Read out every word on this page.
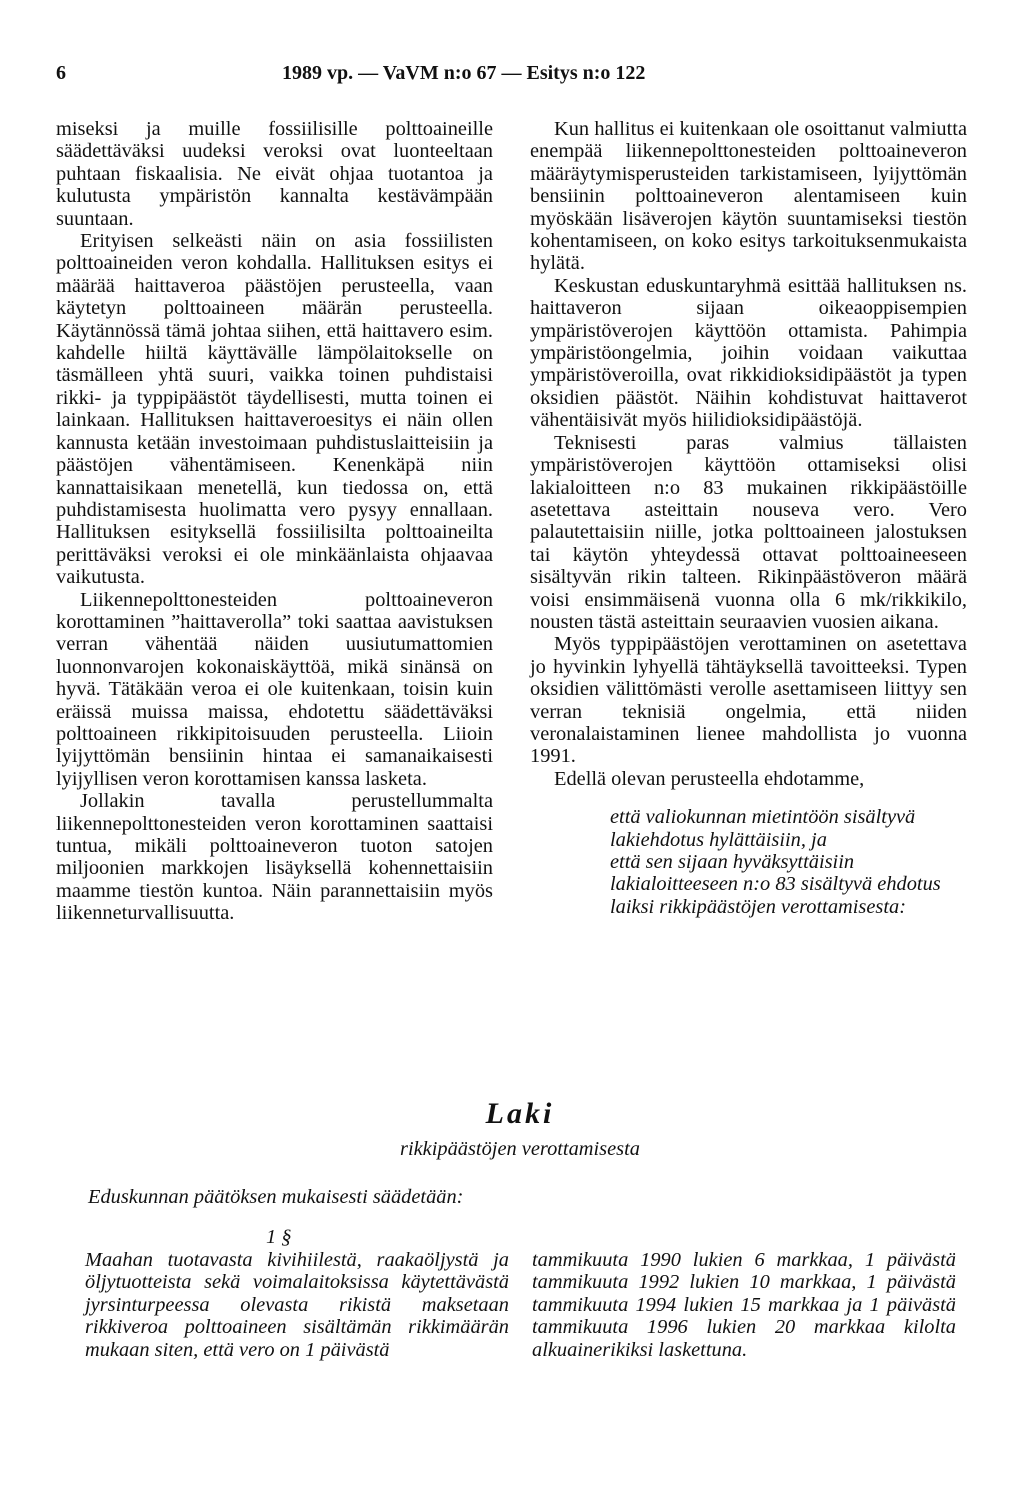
6	1989 vp. — VaVM n:o 67 — Esitys n:o 122

miseksi ja muille fossiilisille polttoaineille säädettäväksi uudeksi veroksi ovat luonteeltaan puhtaan fiskaalisia. Ne eivät ohjaa tuotantoa ja kulutusta ympäristön kannalta kestävämpään suuntaan.

Erityisen selkeästi näin on asia fossiilisten polttoaineiden veron kohdalla. Hallituksen esitys ei määrää haittaveroa päästöjen perusteella, vaan käytetyn polttoaineen määrän perusteella. Käytännössä tämä johtaa siihen, että haittavero esim. kahdelle hiiltä käyttävälle lämpölaitokselle on täsmälleen yhtä suuri, vaikka toinen puhdistaisi rikki- ja typpipäästöt täydellisesti, mutta toinen ei lainkaan. Hallituksen haittaveroesitys ei näin ollen kannusta ketään investoimaan puhdistuslaitteisiin ja päästöjen vähentämiseen. Kenenkäpä niin kannattaisikaan menetellä, kun tiedossa on, että puhdistamisesta huolimatta vero pysyy ennallaan. Hallituksen esityksellä fossiilisilta polttoaineilta perittäväksi veroksi ei ole minkäänlaista ohjaavaa vaikutusta.

Liikennepolttonesteiden polttoaineveron korottaminen ”haittaverolla” toki saattaa aavistuksen verran vähentää näiden uusiutumattomien luonnonvarojen kokonaiskäyttöä, mikä sinänsä on hyvä. Tätäkään veroa ei ole kuitenkaan, toisin kuin eräissä muissa maissa, ehdotettu säädettäväksi polttoaineen rikkipitoisuuden perusteella. Liioin lyijyttömän bensiinin hintaa ei samanaikaisesti lyijyllisen veron korottamisen kanssa lasketa.

Jollakin tavalla perustellummalta liikennepolttonesteiden veron korottaminen saattaisi tuntua, mikäli polttoaineveron tuoton satojen miljoonien markkojen lisäyksellä kohennettaisiin maamme tiestön kuntoa. Näin parannettaisiin myös liikenneturvallisuutta.

Kun hallitus ei kuitenkaan ole osoittanut valmiutta enempää liikennepolttonesteiden polttoaineveron määräytymisperusteiden tarkistamiseen, lyijyttömän bensiinin polttoaineveron alentamiseen kuin myöskään lisäverojen käytön suuntamiseksi tiestön kohentamiseen, on koko esitys tarkoituksenmukaista hylätä.

Keskustan eduskuntaryhmä esittää hallituksen ns. haittaveron sijaan oikeaoppisempien ympäristöverojen käyttöön ottamista. Pahimpia ympäristöongelmia, joihin voidaan vaikuttaa ympäristöveroilla, ovat rikkidioksidipäästöt ja typen oksidien päästöt. Näihin kohdistuvat haittaverot vähentäisivät myös hiilidioksidipäästöjä.

Teknisesti paras valmius tällaisten ympäristöverojen käyttöön ottamiseksi olisi lakialoitteen n:o 83 mukainen rikkipäästöille asetettava asteittain nouseva vero. Vero palautettaisiin niille, jotka polttoaineen jalostuksen tai käytön yhteydessä ottavat polttoaineeseen sisältyvän rikin talteen. Rikinpäästöveron määrä voisi ensimmäisenä vuonna olla 6 mk/rikkikilo, nousten tästä asteittain seuraavien vuosien aikana.

Myös typpipäästöjen verottaminen on asetettava jo hyvinkin lyhyellä tähtäyksellä tavoitteeksi. Typen oksidien välittömästi verolle asettamiseen liittyy sen verran teknisiä ongelmia, että niiden veronalaistaminen lienee mahdollista jo vuonna 1991.

Edellä olevan perusteella ehdotamme,

että valiokunnan mietintöön sisältyvä lakiehdotus hylättäisiin, ja

että sen sijaan hyväksyttäisiin lakialoitteeseen n:o 83 sisältyvä ehdotus laiksi rikkipäästöjen verottamisesta:

Laki
rikkipäästöjen verottamisesta
Eduskunnan päätöksen mukaisesti säädetään:
1 §
Maahan tuotavasta kivihiilestä, raakaöljystä ja öljytuotteista sekä voimalaitoksissa käytettävästä jyrsinturpeessa olevasta rikistä maksetaan rikkiveroa polttoaineen sisältämän rikkimäärän mukaan siten, että vero on 1 päivästä
tammikuuta 1990 lukien 6 markkaa, 1 päivästä tammikuuta 1992 lukien 10 markkaa, 1 päivästä tammikuuta 1994 lukien 15 markkaa ja 1 päivästä tammikuuta 1996 lukien 20 markkaa kilolta alkuainerikiksi laskettuna.
